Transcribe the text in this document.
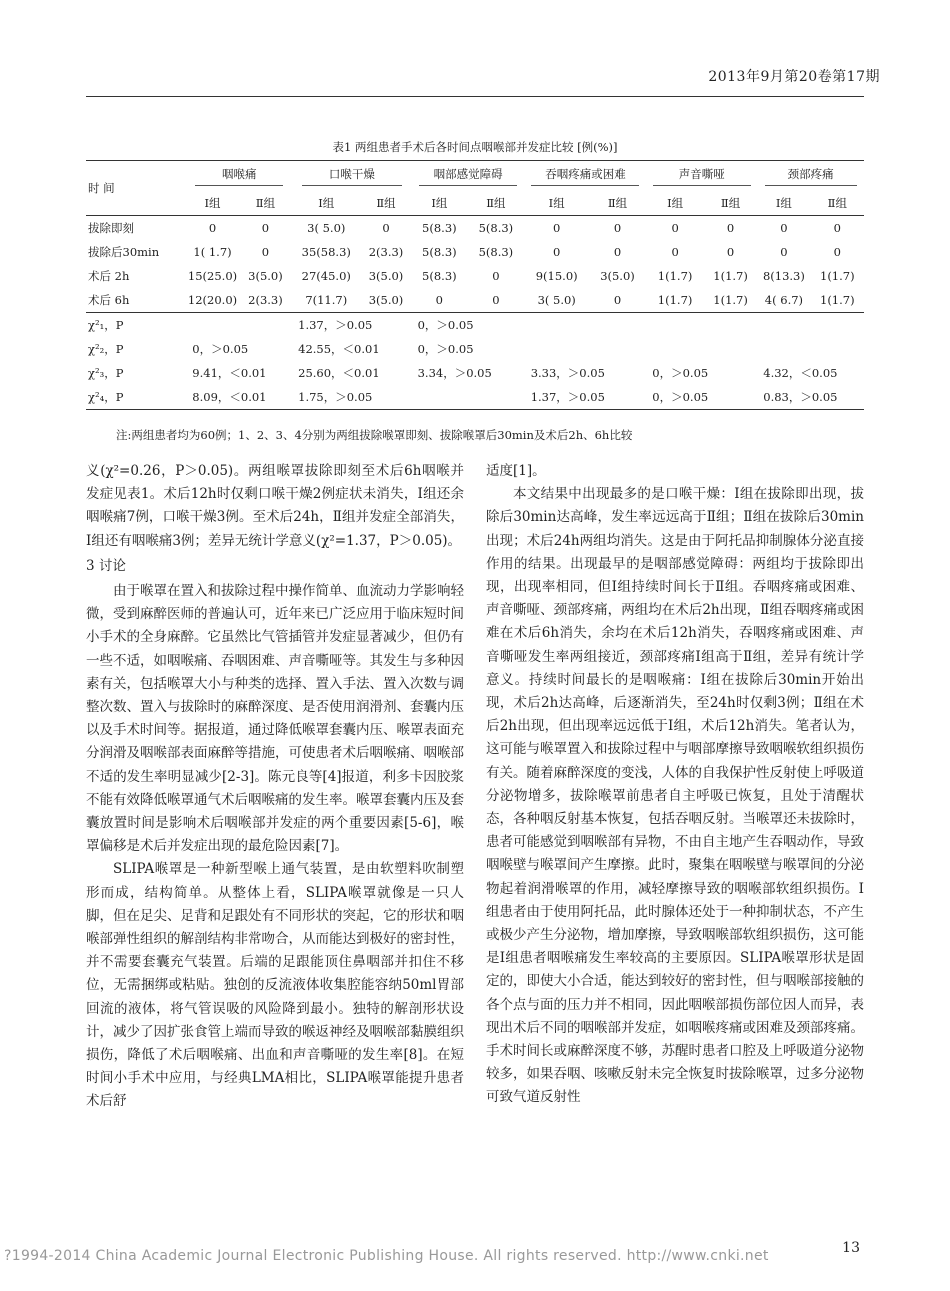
2013年9月第20卷第17期
表1 两组患者手术后各时间点咽喉部并发症比较 [例(%)]
时 间	咽喉痛		口喉干燥		咽部感觉障碍		吞咽疼痛或困难		声音嘶哑		颈部疼痛	
	Ⅰ组	Ⅱ组	Ⅰ组	Ⅱ组	Ⅰ组	Ⅱ组	Ⅰ组	Ⅱ组	Ⅰ组	Ⅱ组	Ⅰ组	Ⅱ组
拔除即刻	0	0	3( 5.0)	0	5(8.3)	5(8.3)	0	0	0	0	0	0
拔除后30min	1( 1.7)	0	35(58.3)	2(3.3)	5(8.3)	5(8.3)	0	0	0	0	0	0
术后 2h	15(25.0)	3(5.0)	27(45.0)	3(5.0)	5(8.3)	0	9(15.0)	3(5.0)	1(1.7)	1(1.7)	8(13.3)	1(1.7)
术后 6h	12(20.0)	2(3.3)	7(11.7)	3(5.0)	0	0	3( 5.0)	0	1(1.7)	1(1.7)	4( 6.7)	1(1.7)
χ²₁，P			1.37，＞0.05		0，＞0.05							
χ²₂，P	0，＞0.05		42.55，＜0.01		0，＞0.05							
χ²₃，P	9.41，＜0.01		25.60，＜0.01		3.34，＞0.05		3.33，＞0.05		0，＞0.05		4.32，＜0.05	
χ²₄，P	8.09，＜0.01		1.75，＞0.05				1.37，＞0.05		0，＞0.05		0.83，＞0.05	
注:两组患者均为60例；1、2、3、4分别为两组拔除喉罩即刻、拔除喉罩后30min及术后2h、6h比较

义(χ²=0.26，P＞0.05)。两组喉罩拔除即刻至术后6h咽喉并发症见表1。术后12h时仅剩口喉干燥2例症状未消失，Ⅰ组还余咽喉痛7例，口喉干燥3例。至术后24h，Ⅱ组并发症全部消失，Ⅰ组还有咽喉痛3例；差异无统计学意义(χ²=1.37，P＞0.05)。

3 讨论

由于喉罩在置入和拔除过程中操作简单、血流动力学影响轻微，受到麻醉医师的普遍认可，近年来已广泛应用于临床短时间小手术的全身麻醉。它虽然比气管插管并发症显著减少，但仍有一些不适，如咽喉痛、吞咽困难、声音嘶哑等。其发生与多种因素有关，包括喉罩大小与种类的选择、置入手法、置入次数与调整次数、置入与拔除时的麻醉深度、是否使用润滑剂、套囊内压以及手术时间等。据报道，通过降低喉罩套囊内压、喉罩表面充分润滑及咽喉部表面麻醉等措施，可使患者术后咽喉痛、咽喉部不适的发生率明显减少[2-3]。陈元良等[4]报道，利多卡因胶浆不能有效降低喉罩通气术后咽喉痛的发生率。喉罩套囊内压及套囊放置时间是影响术后咽喉部并发症的两个重要因素[5-6]，喉罩偏移是术后并发症出现的最危险因素[7]。

SLIPA喉罩是一种新型喉上通气装置，是由软塑料吹制塑形而成，结构简单。从整体上看，SLIPA喉罩就像是一只人脚，但在足尖、足背和足跟处有不同形状的突起，它的形状和咽喉部弹性组织的解剖结构非常吻合，从而能达到极好的密封性，并不需要套囊充气装置。后端的足跟能顶住鼻咽部并扣住不移位，无需捆绑或粘贴。独创的反流液体收集腔能容纳50ml胃部回流的液体，将气管误吸的风险降到最小。独特的解剖形状设计，减少了因扩张食管上端而导致的喉返神经及咽喉部黏膜组织损伤，降低了术后咽喉痛、出血和声音嘶哑的发生率[8]。在短时间小手术中应用，与经典LMA相比，SLIPA喉罩能提升患者术后舒

适度[1]。

本文结果中出现最多的是口喉干燥：Ⅰ组在拔除即出现，拔除后30min达高峰，发生率远远高于Ⅱ组；Ⅱ组在拔除后30min出现；术后24h两组均消失。这是由于阿托品抑制腺体分泌直接作用的结果。出现最早的是咽部感觉障碍：两组均于拔除即出现，出现率相同，但Ⅰ组持续时间长于Ⅱ组。吞咽疼痛或困难、声音嘶哑、颈部疼痛，两组均在术后2h出现，Ⅱ组吞咽疼痛或困难在术后6h消失，余均在术后12h消失，吞咽疼痛或困难、声音嘶哑发生率两组接近，颈部疼痛Ⅰ组高于Ⅱ组，差异有统计学意义。持续时间最长的是咽喉痛：Ⅰ组在拔除后30min开始出现，术后2h达高峰，后逐渐消失，至24h时仅剩3例；Ⅱ组在术后2h出现，但出现率远远低于Ⅰ组，术后12h消失。笔者认为，这可能与喉罩置入和拔除过程中与咽部摩擦导致咽喉软组织损伤有关。随着麻醉深度的变浅，人体的自我保护性反射使上呼吸道分泌物增多，拔除喉罩前患者自主呼吸已恢复，且处于清醒状态，各种咽反射基本恢复，包括吞咽反射。当喉罩还未拔除时，患者可能感觉到咽喉部有异物，不由自主地产生吞咽动作，导致咽喉壁与喉罩间产生摩擦。此时，聚集在咽喉壁与喉罩间的分泌物起着润滑喉罩的作用，减轻摩擦导致的咽喉部软组织损伤。Ⅰ组患者由于使用阿托品，此时腺体还处于一种抑制状态，不产生或极少产生分泌物，增加摩擦，导致咽喉部软组织损伤，这可能是Ⅰ组患者咽喉痛发生率较高的主要原因。SLIPA喉罩形状是固定的，即使大小合适，能达到较好的密封性，但与咽喉部接触的各个点与面的压力并不相同，因此咽喉部损伤部位因人而异，表现出术后不同的咽喉部并发症，如咽喉疼痛或困难及颈部疼痛。手术时间长或麻醉深度不够，苏醒时患者口腔及上呼吸道分泌物较多，如果吞咽、咳嗽反射未完全恢复时拔除喉罩，过多分泌物可致气道反射性

?1994-2014 China Academic Journal Electronic Publishing House. All rights reserved. http://www.cnki.net	13
